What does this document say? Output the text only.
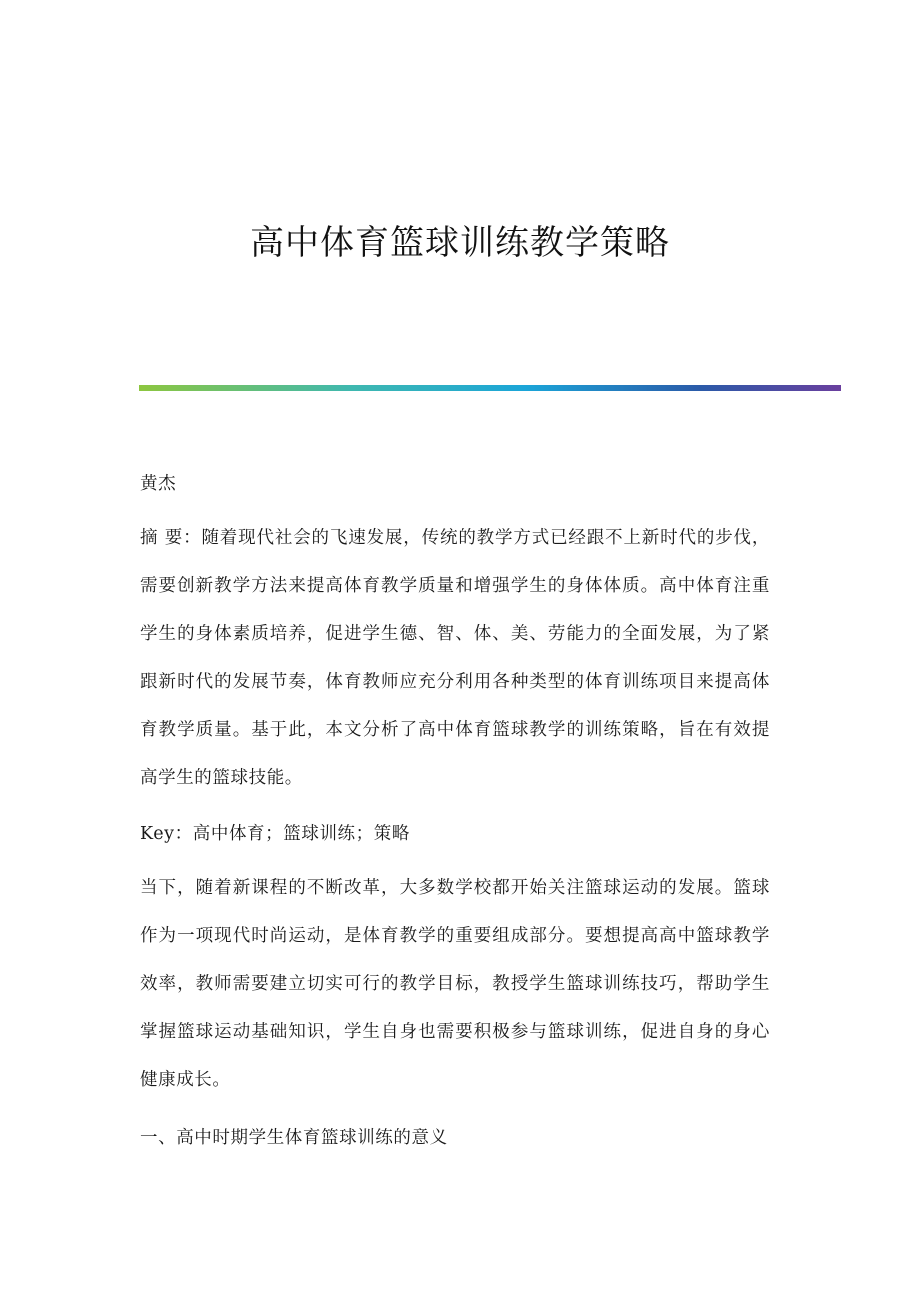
高中体育篮球训练教学策略

黄杰

摘 要：随着现代社会的飞速发展，传统的教学方式已经跟不上新时代的步伐，需要创新教学方法来提高体育教学质量和增强学生的身体体质。高中体育注重学生的身体素质培养，促进学生德、智、体、美、劳能力的全面发展，为了紧跟新时代的发展节奏，体育教师应充分利用各种类型的体育训练项目来提高体育教学质量。基于此，本文分析了高中体育篮球教学的训练策略，旨在有效提高学生的篮球技能。

Key：高中体育；篮球训练；策略

当下，随着新课程的不断改革，大多数学校都开始关注篮球运动的发展。篮球作为一项现代时尚运动，是体育教学的重要组成部分。要想提高高中篮球教学效率，教师需要建立切实可行的教学目标，教授学生篮球训练技巧，帮助学生掌握篮球运动基础知识，学生自身也需要积极参与篮球训练，促进自身的身心健康成长。

一、高中时期学生体育篮球训练的意义
